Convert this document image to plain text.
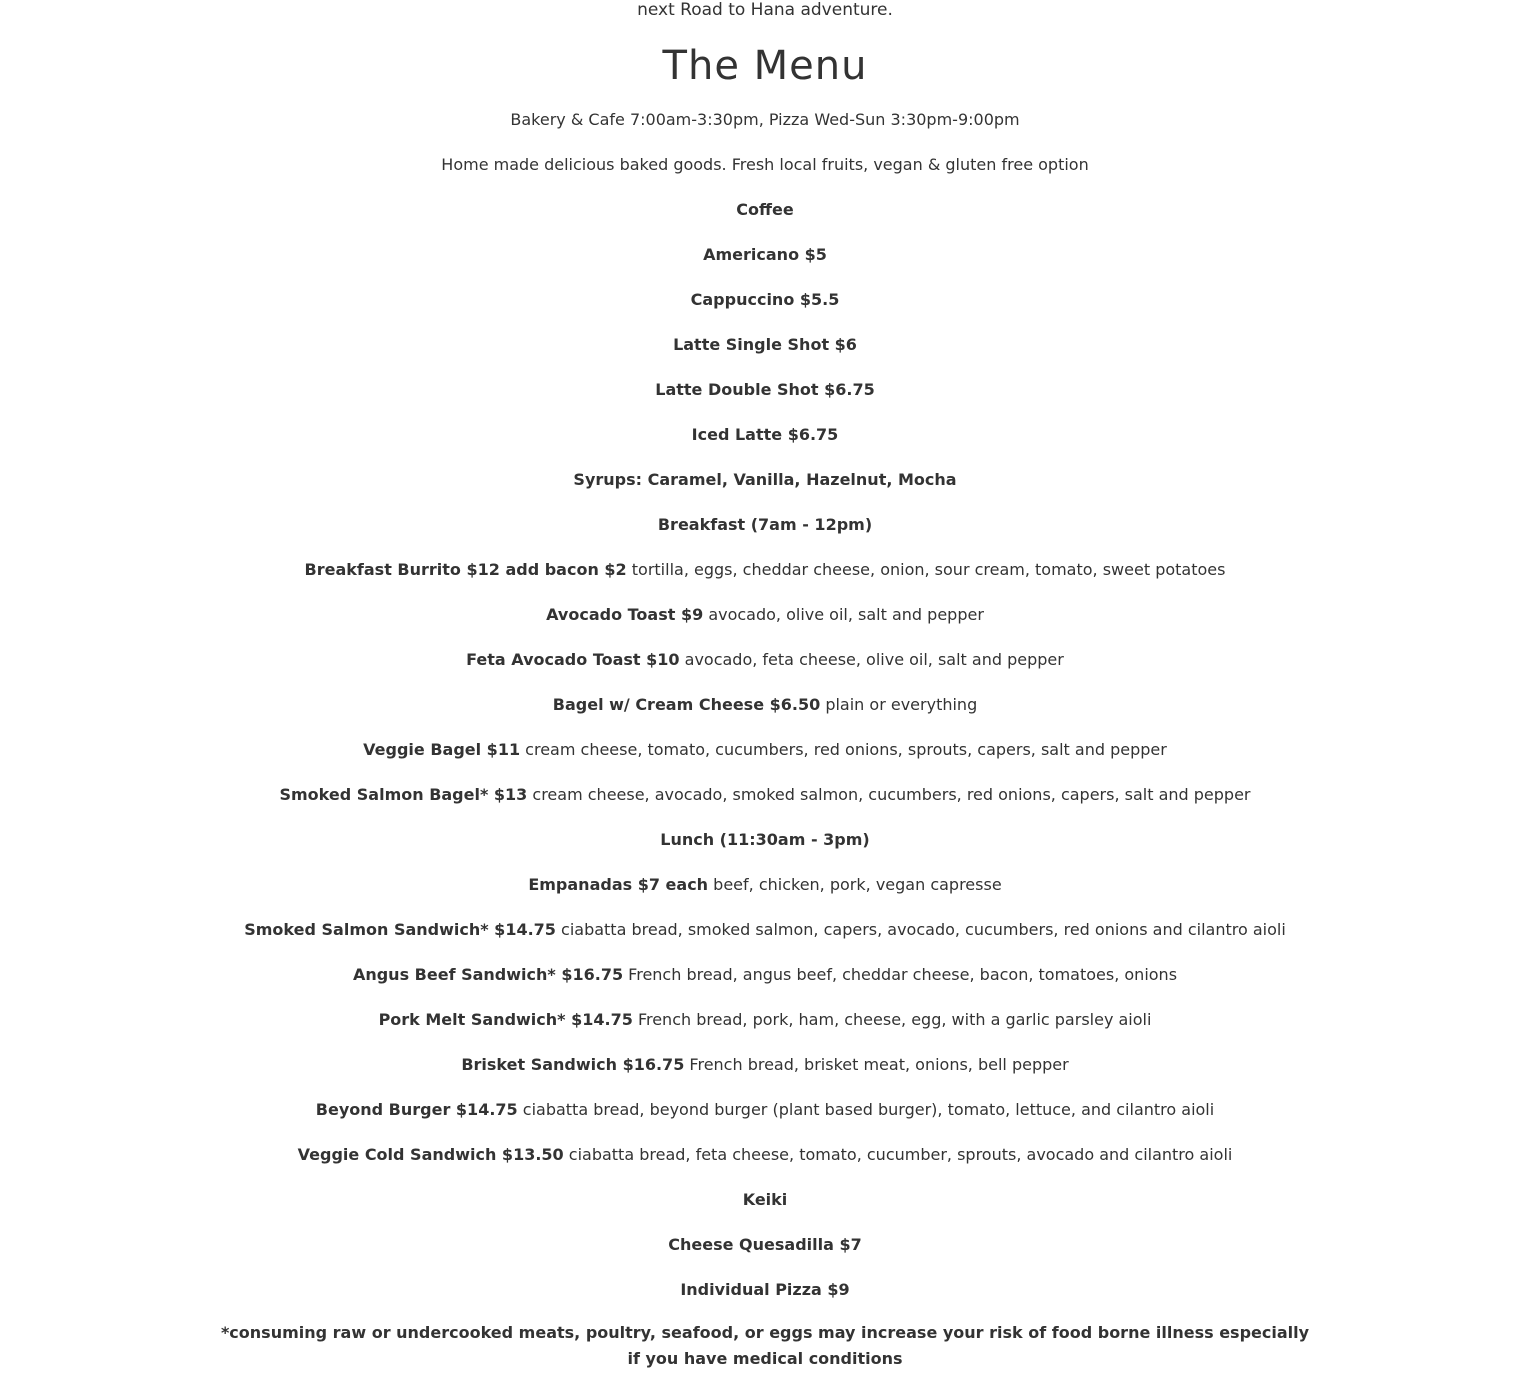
next Road to Hana adventure.
The Menu
Bakery & Cafe 7:00am-3:30pm, Pizza Wed-Sun 3:30pm-9:00pm
Home made delicious baked goods. Fresh local fruits, vegan & gluten free option
Coffee
Americano $5
Cappuccino $5.5
Latte Single Shot $6
Latte Double Shot $6.75
Iced Latte $6.75
Syrups: Caramel, Vanilla, Hazelnut, Mocha
Breakfast (7am - 12pm)
Breakfast Burrito $12 add bacon $2 tortilla, eggs, cheddar cheese, onion, sour cream, tomato, sweet potatoes
Avocado Toast $9 avocado, olive oil, salt and pepper
Feta Avocado Toast $10 avocado, feta cheese, olive oil, salt and pepper
Bagel w/ Cream Cheese $6.50 plain or everything
Veggie Bagel $11 cream cheese, tomato, cucumbers, red onions, sprouts, capers, salt and pepper
Smoked Salmon Bagel* $13 cream cheese, avocado, smoked salmon, cucumbers, red onions, capers, salt and pepper
Lunch (11:30am - 3pm)
Empanadas $7 each beef, chicken, pork, vegan capresse
Smoked Salmon Sandwich* $14.75 ciabatta bread, smoked salmon, capers, avocado, cucumbers, red onions and cilantro aioli
Angus Beef Sandwich* $16.75 French bread, angus beef, cheddar cheese, bacon, tomatoes, onions
Pork Melt Sandwich* $14.75 French bread, pork, ham, cheese, egg, with a garlic parsley aioli
Brisket Sandwich $16.75 French bread, brisket meat, onions, bell pepper
Beyond Burger $14.75 ciabatta bread, beyond burger (plant based burger), tomato, lettuce, and cilantro aioli
Veggie Cold Sandwich $13.50 ciabatta bread, feta cheese, tomato, cucumber, sprouts, avocado and cilantro aioli
Keiki
Cheese Quesadilla $7
Individual Pizza $9
*consuming raw or undercooked meats, poultry, seafood, or eggs may increase your risk of food borne illness especially if you have medical conditions
